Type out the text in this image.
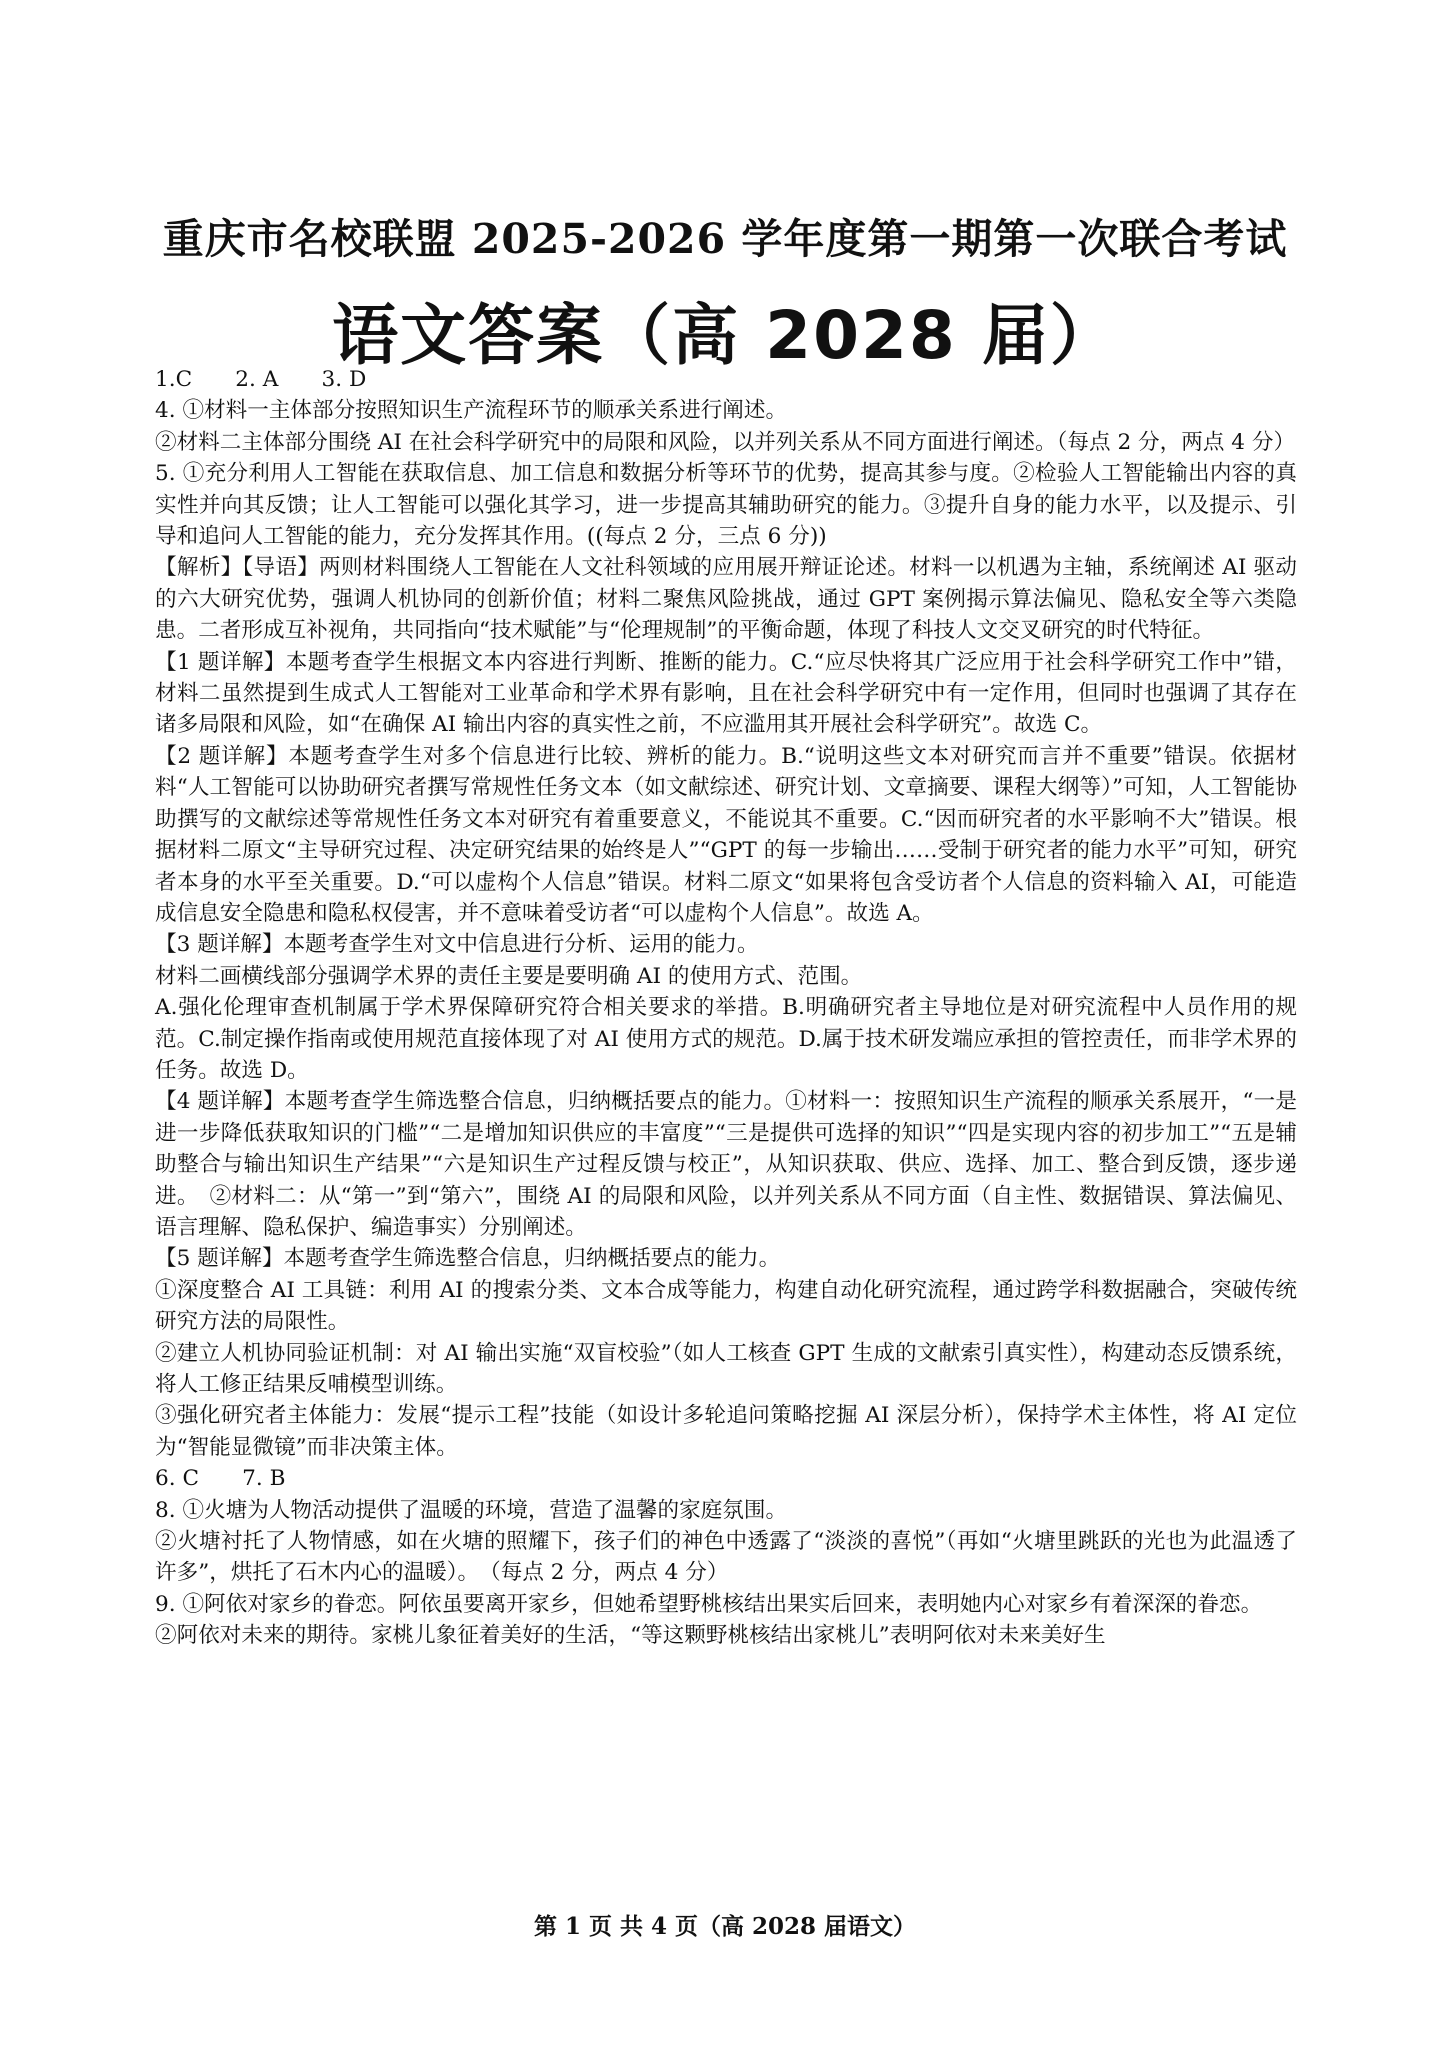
重庆市名校联盟 2025-2026 学年度第一期第一次联合考试
语文答案（高 2028 届）

1.C　　2. A　　3. D

4. ①材料一主体部分按照知识生产流程环节的顺承关系进行阐述。

②材料二主体部分围绕 AI 在社会科学研究中的局限和风险，以并列关系从不同方面进行阐述。（每点 2 分，两点 4 分）

5. ①充分利用人工智能在获取信息、加工信息和数据分析等环节的优势，提高其参与度。②检验人工智能输出内容的真实性并向其反馈；让人工智能可以强化其学习，进一步提高其辅助研究的能力。③提升自身的能力水平，以及提示、引导和追问人工智能的能力，充分发挥其作用。((每点 2 分，三点 6 分))

【解析】【导语】两则材料围绕人工智能在人文社科领域的应用展开辩证论述。材料一以机遇为主轴，系统阐述 AI 驱动的六大研究优势，强调人机协同的创新价值；材料二聚焦风险挑战，通过 GPT 案例揭示算法偏见、隐私安全等六类隐患。二者形成互补视角，共同指向“技术赋能”与“伦理规制”的平衡命题，体现了科技人文交叉研究的时代特征。

【1 题详解】本题考查学生根据文本内容进行判断、推断的能力。C.“应尽快将其广泛应用于社会科学研究工作中”错，材料二虽然提到生成式人工智能对工业革命和学术界有影响，且在社会科学研究中有一定作用，但同时也强调了其存在诸多局限和风险，如“在确保 AI 输出内容的真实性之前，不应滥用其开展社会科学研究”。故选 C。

【2 题详解】本题考查学生对多个信息进行比较、辨析的能力。B.“说明这些文本对研究而言并不重要”错误。依据材料“人工智能可以协助研究者撰写常规性任务文本（如文献综述、研究计划、文章摘要、课程大纲等）”可知，人工智能协助撰写的文献综述等常规性任务文本对研究有着重要意义，不能说其不重要。C.“因而研究者的水平影响不大”错误。根据材料二原文“主导研究过程、决定研究结果的始终是人”“GPT 的每一步输出……受制于研究者的能力水平”可知，研究者本身的水平至关重要。D.“可以虚构个人信息”错误。材料二原文“如果将包含受访者个人信息的资料输入 AI，可能造成信息安全隐患和隐私权侵害，并不意味着受访者“可以虚构个人信息”。故选 A。

【3 题详解】本题考查学生对文中信息进行分析、运用的能力。

材料二画横线部分强调学术界的责任主要是要明确 AI 的使用方式、范围。

A.强化伦理审查机制属于学术界保障研究符合相关要求的举措。B.明确研究者主导地位是对研究流程中人员作用的规范。C.制定操作指南或使用规范直接体现了对 AI 使用方式的规范。D.属于技术研发端应承担的管控责任，而非学术界的任务。故选 D。

【4 题详解】本题考查学生筛选整合信息，归纳概括要点的能力。①材料一：按照知识生产流程的顺承关系展开，“一是进一步降低获取知识的门槛”“二是增加知识供应的丰富度”“三是提供可选择的知识”“四是实现内容的初步加工”“五是辅助整合与输出知识生产结果”“六是知识生产过程反馈与校正”，从知识获取、供应、选择、加工、整合到反馈，逐步递进。　②材料二：从“第一”到“第六”，围绕 AI 的局限和风险，以并列关系从不同方面（自主性、数据错误、算法偏见、语言理解、隐私保护、编造事实）分别阐述。

【5 题详解】本题考查学生筛选整合信息，归纳概括要点的能力。

①深度整合 AI 工具链：利用 AI 的搜索分类、文本合成等能力，构建自动化研究流程，通过跨学科数据融合，突破传统研究方法的局限性。

②建立人机协同验证机制：对 AI 输出实施“双盲校验”（如人工核查 GPT 生成的文献索引真实性），构建动态反馈系统，将人工修正结果反哺模型训练。

③强化研究者主体能力：发展“提示工程”技能（如设计多轮追问策略挖掘 AI 深层分析），保持学术主体性，将 AI 定位为“智能显微镜”而非决策主体。

6. C　　7. B

8. ①火塘为人物活动提供了温暖的环境，营造了温馨的家庭氛围。

②火塘衬托了人物情感，如在火塘的照耀下，孩子们的神色中透露了“淡淡的喜悦”（再如“火塘里跳跃的光也为此温透了许多”，烘托了石木内心的温暖）。　（每点 2 分，两点 4 分）

9. ①阿依对家乡的眷恋。阿依虽要离开家乡，但她希望野桃核结出果实后回来，表明她内心对家乡有着深深的眷恋。

②阿依对未来的期待。家桃儿象征着美好的生活，“等这颗野桃核结出家桃儿”表明阿依对未来美好生

第 1 页 共 4 页（高 2028 届语文）
